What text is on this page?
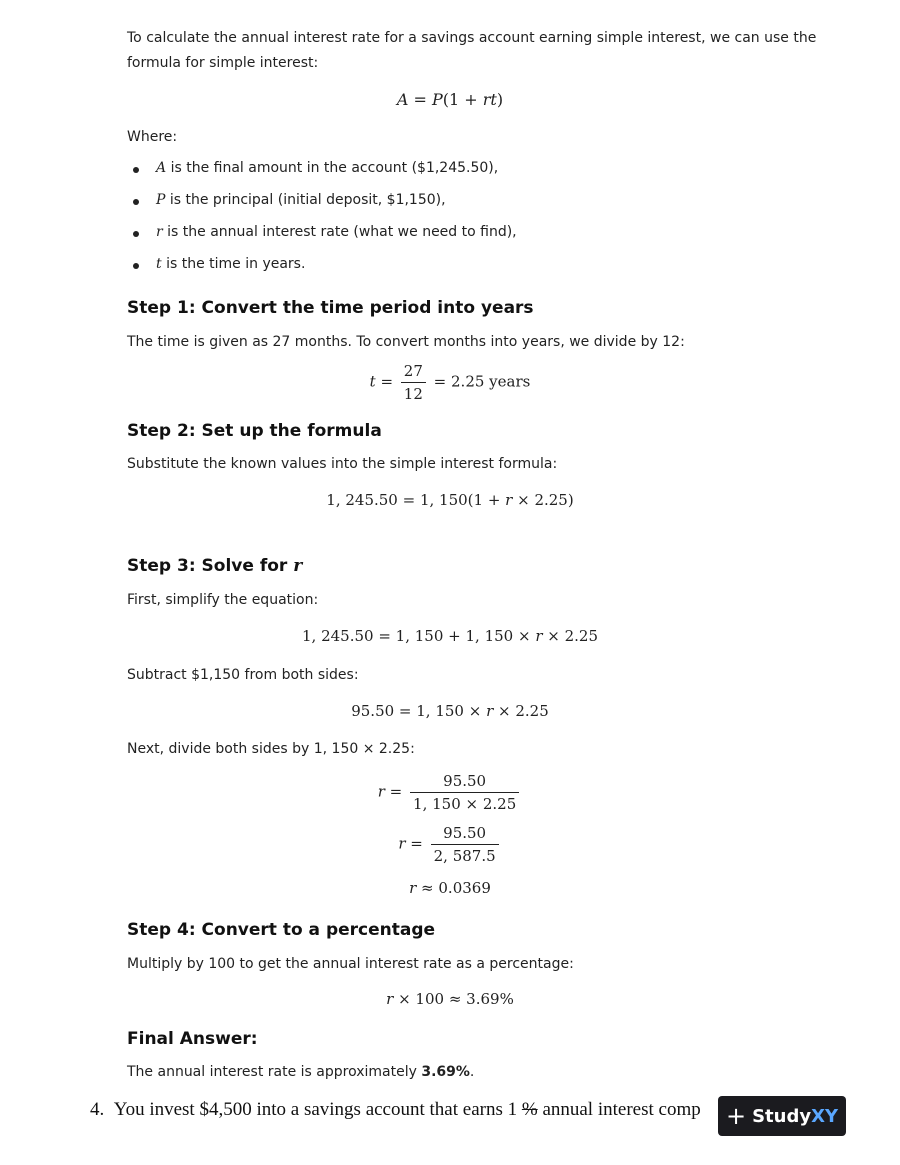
To calculate the annual interest rate for a savings account earning simple interest, we can use the
formula for simple interest:
A = P(1 + rt)
Where:
A is the final amount in the account ($1,245.50),
P is the principal (initial deposit, $1,150),
r is the annual interest rate (what we need to find),
t is the time in years.
Step 1: Convert the time period into years
The time is given as 27 months. To convert months into years, we divide by 12:
$t = \frac{27}{12} = 2.25$ years
Step 2: Set up the formula
Substitute the known values into the simple interest formula:
1, 245.50 = 1, 150(1 + r × 2.25)
Step 3: Solve for r
First, simplify the equation:
1, 245.50 = 1, 150 + 1, 150 × r × 2.25
Subtract $1,150 from both sides:
95.50 = 1, 150 × r × 2.25
Next, divide both sides by 1, 150 × 2.25:
$r = \frac{95.50}{1, 150 \times 2.25}$
$r = \frac{95.50}{2, 587.5}$
r ≈ 0.0369
Step 4: Convert to a percentage
Multiply by 100 to get the annual interest rate as a percentage:
r × 100 ≈ 3.69%
Final Answer:
The annual interest rate is approximately 3.69%.
4. You invest $4,500 into a savings account that earns 1 % annual interest comp + StudyXY
